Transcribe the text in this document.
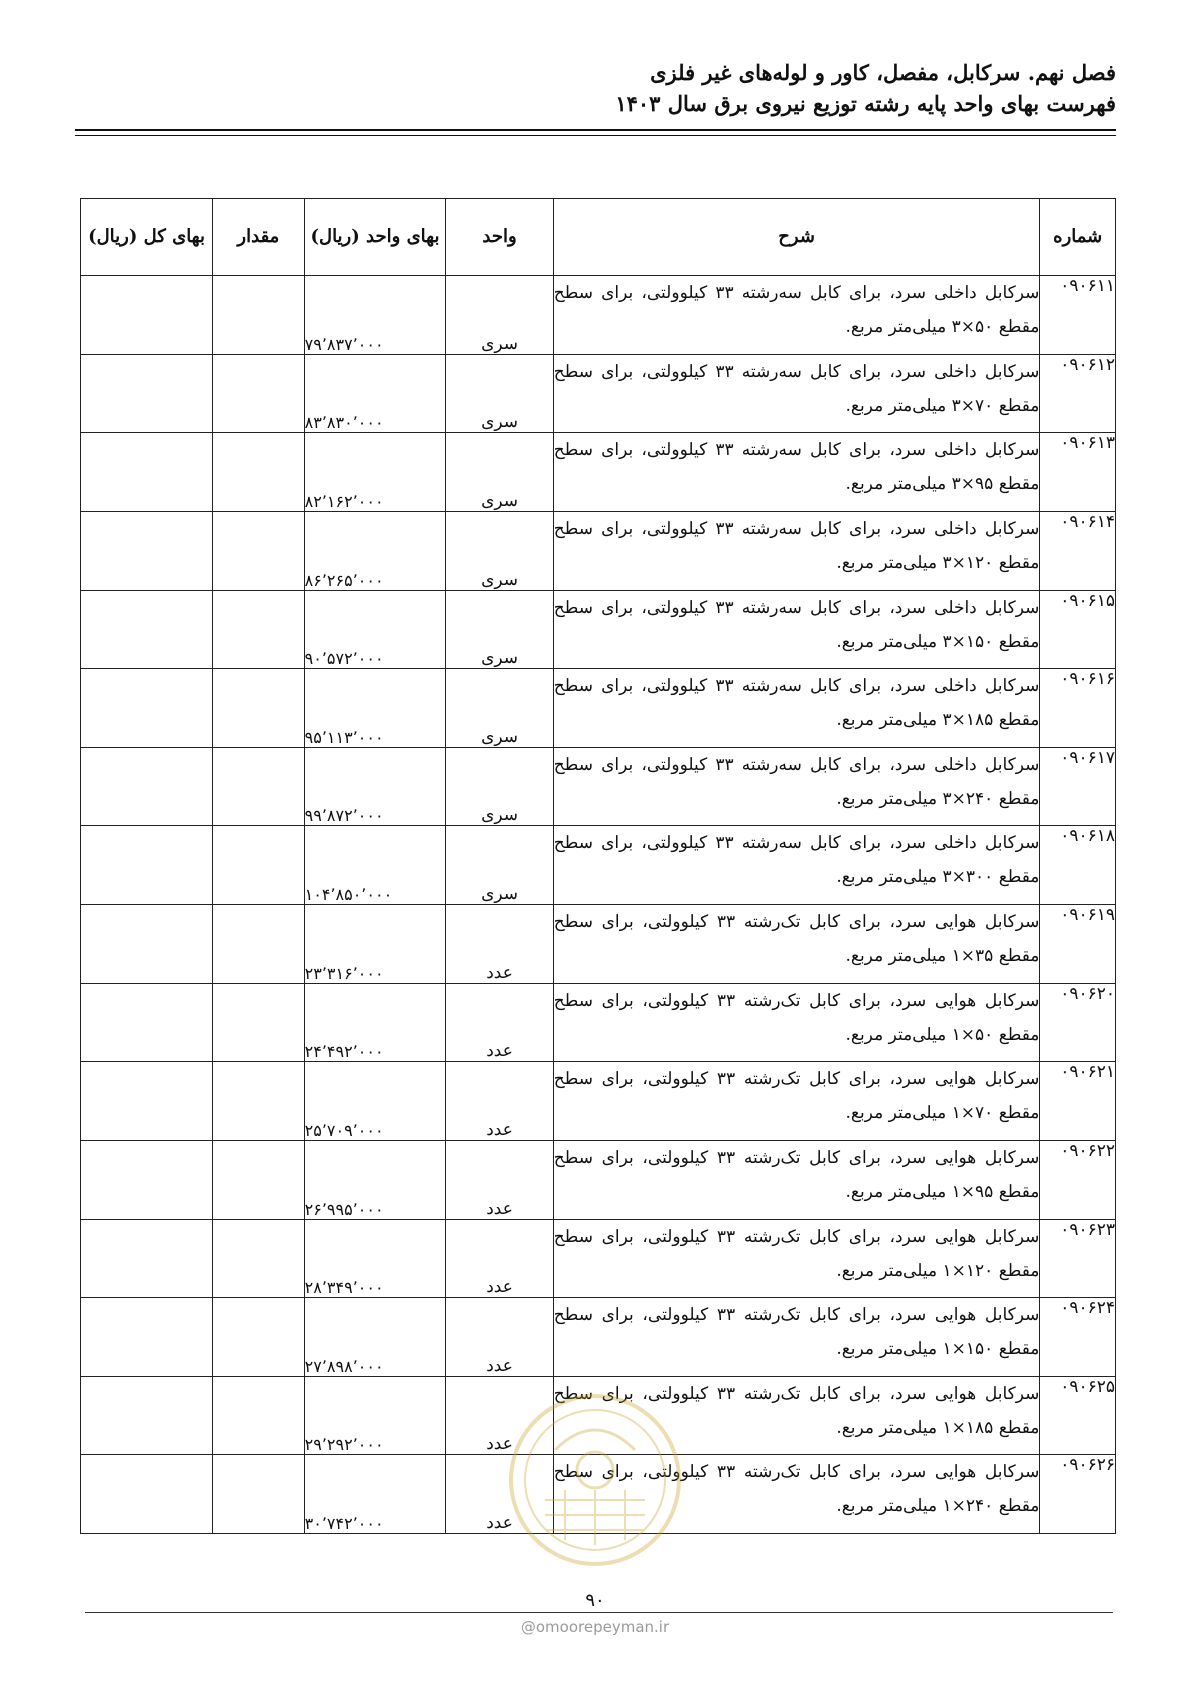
فصل نهم. سرکابل، مفصل، کاور و لوله‌های غیر فلزی
فهرست بهای واحد پایه رشته توزیع نیروی برق سال ۱۴۰۳
شماره	شرح	واحد	بهای واحد (ریال)	مقدار	بهای کل (ریال)
۰۹۰۶۱۱	سرکابل داخلی سرد، برای کابل سه‌رشته ۳۳ کیلوولتی، برای سطح مقطع ۵۰×۳ میلی‌متر مربع.	سری	۷۹٬۸۳۷٬۰۰۰		
۰۹۰۶۱۲	سرکابل داخلی سرد، برای کابل سه‌رشته ۳۳ کیلوولتی، برای سطح مقطع ۷۰×۳ میلی‌متر مربع.	سری	۸۳٬۸۳۰٬۰۰۰		
۰۹۰۶۱۳	سرکابل داخلی سرد، برای کابل سه‌رشته ۳۳ کیلوولتی، برای سطح مقطع ۹۵×۳ میلی‌متر مربع.	سری	۸۲٬۱۶۲٬۰۰۰		
۰۹۰۶۱۴	سرکابل داخلی سرد، برای کابل سه‌رشته ۳۳ کیلوولتی، برای سطح مقطع ۱۲۰×۳ میلی‌متر مربع.	سری	۸۶٬۲۶۵٬۰۰۰		
۰۹۰۶۱۵	سرکابل داخلی سرد، برای کابل سه‌رشته ۳۳ کیلوولتی، برای سطح مقطع ۱۵۰×۳ میلی‌متر مربع.	سری	۹۰٬۵۷۲٬۰۰۰		
۰۹۰۶۱۶	سرکابل داخلی سرد، برای کابل سه‌رشته ۳۳ کیلوولتی، برای سطح مقطع ۱۸۵×۳ میلی‌متر مربع.	سری	۹۵٬۱۱۳٬۰۰۰		
۰۹۰۶۱۷	سرکابل داخلی سرد، برای کابل سه‌رشته ۳۳ کیلوولتی، برای سطح مقطع ۲۴۰×۳ میلی‌متر مربع.	سری	۹۹٬۸۷۲٬۰۰۰		
۰۹۰۶۱۸	سرکابل داخلی سرد، برای کابل سه‌رشته ۳۳ کیلوولتی، برای سطح مقطع ۳۰۰×۳ میلی‌متر مربع.	سری	۱۰۴٬۸۵۰٬۰۰۰		
۰۹۰۶۱۹	سرکابل هوایی سرد، برای کابل تک‌رشته ۳۳ کیلوولتی، برای سطح مقطع ۳۵×۱ میلی‌متر مربع.	عدد	۲۳٬۳۱۶٬۰۰۰		
۰۹۰۶۲۰	سرکابل هوایی سرد، برای کابل تک‌رشته ۳۳ کیلوولتی، برای سطح مقطع ۵۰×۱ میلی‌متر مربع.	عدد	۲۴٬۴۹۲٬۰۰۰		
۰۹۰۶۲۱	سرکابل هوایی سرد، برای کابل تک‌رشته ۳۳ کیلوولتی، برای سطح مقطع ۷۰×۱ میلی‌متر مربع.	عدد	۲۵٬۷۰۹٬۰۰۰		
۰۹۰۶۲۲	سرکابل هوایی سرد، برای کابل تک‌رشته ۳۳ کیلوولتی، برای سطح مقطع ۹۵×۱ میلی‌متر مربع.	عدد	۲۶٬۹۹۵٬۰۰۰		
۰۹۰۶۲۳	سرکابل هوایی سرد، برای کابل تک‌رشته ۳۳ کیلوولتی، برای سطح مقطع ۱۲۰×۱ میلی‌متر مربع.	عدد	۲۸٬۳۴۹٬۰۰۰		
۰۹۰۶۲۴	سرکابل هوایی سرد، برای کابل تک‌رشته ۳۳ کیلوولتی، برای سطح مقطع ۱۵۰×۱ میلی‌متر مربع.	عدد	۲۷٬۸۹۸٬۰۰۰		
۰۹۰۶۲۵	سرکابل هوایی سرد، برای کابل تک‌رشته ۳۳ کیلوولتی، برای سطح مقطع ۱۸۵×۱ میلی‌متر مربع.	عدد	۲۹٬۲۹۲٬۰۰۰		
۰۹۰۶۲۶	سرکابل هوایی سرد، برای کابل تک‌رشته ۳۳ کیلوولتی، برای سطح مقطع ۲۴۰×۱ میلی‌متر مربع.	عدد	۳۰٬۷۴۲٬۰۰۰		
۹۰
@omoorepeyman.ir
